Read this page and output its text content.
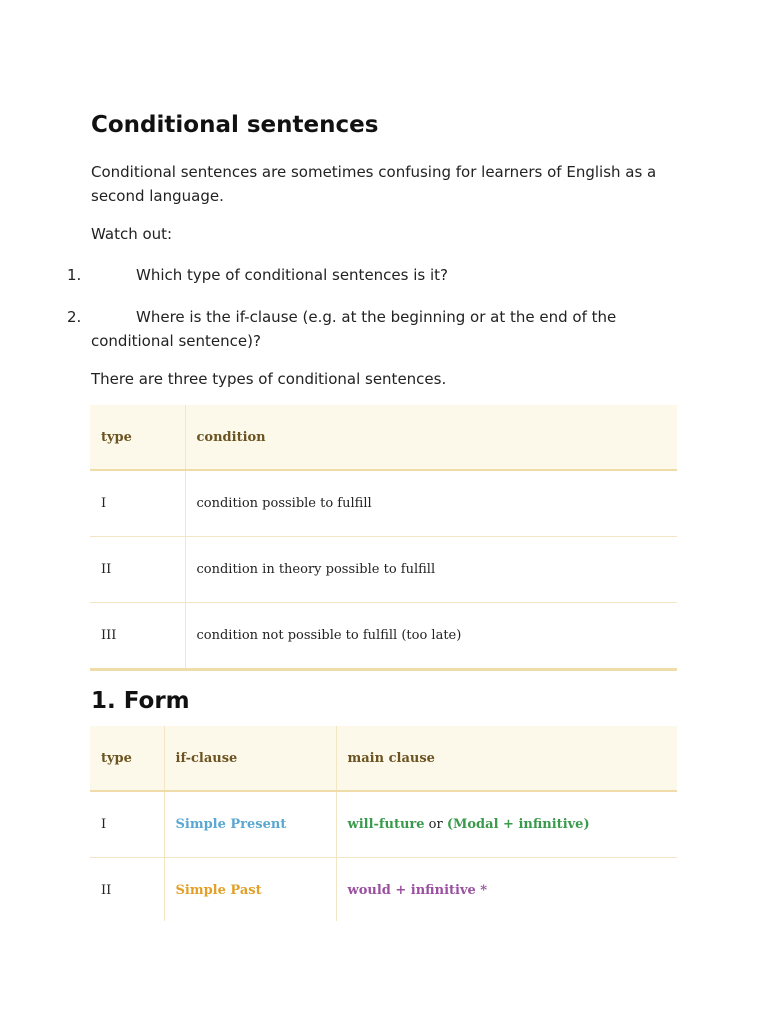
Conditional sentences

Conditional sentences are sometimes confusing for learners of English as a second language.

Watch out:

1.	Which type of conditional sentences is it?
2.	Where is the if-clause (e.g. at the beginning or at the end of the
conditional sentence)?

There are three types of conditional sentences.

type	condition
I	condition possible to fulfill
II	condition in theory possible to fulfill
III	condition not possible to fulfill (too late)
1. Form
type	if-clause	main clause
I	Simple Present	will-future or (Modal + infinitive)
II	Simple Past	would + infinitive *
